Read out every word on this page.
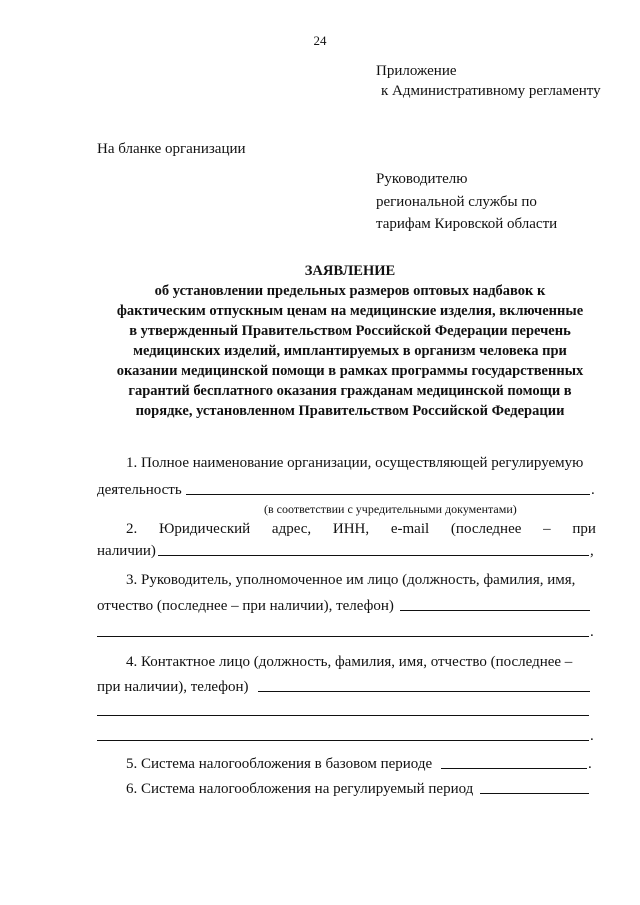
24
Приложение
к Административному регламенту
На бланке организации
Руководителю
региональной службы по
тарифам Кировской области
ЗАЯВЛЕНИЕ
об установлении предельных размеров оптовых надбавок к
фактическим отпускным ценам на медицинские изделия, включенные
в утвержденный Правительством Российской Федерации перечень
медицинских изделий, имплантируемых в организм человека при
оказании медицинской помощи в рамках программы государственных
гарантий бесплатного оказания гражданам медицинской помощи в
порядке, установленном Правительством Российской Федерации
1. Полное наименование организации, осуществляющей регулируемую
деятельность	.
(в соответствии с учредительными документами)
2. Юридический адрес, ИНН, e-mail (последнее – при
наличии)	,
3. Руководитель, уполномоченное им лицо (должность, фамилия, имя,
отчество (последнее – при наличии), телефон)
.
4. Контактное лицо (должность, фамилия, имя, отчество (последнее –
при наличии), телефон)
.
5. Система налогообложения в базовом периоде	.
6. Система налогообложения на регулируемый период
